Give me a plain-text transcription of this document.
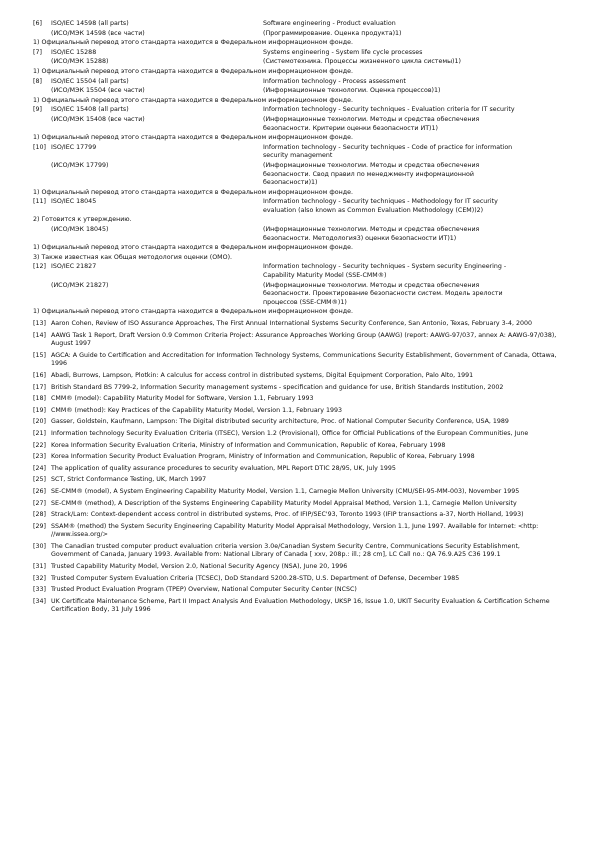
[6]	ISO/IEC 14598 (all parts)	Software engineering - Product evaluation
(ИСО/МЭК 14598 (все части)	(Программирование. Оценка продукта)1)
1) Официальный перевод этого стандарта находится в Федеральном информационном фонде.
[7]	ISO/IEC 15288	Systems engineering - System life cycle processes
(ИСО/МЭК 15288)	(Системотехника. Процессы жизненного цикла системы)1)
1) Официальный перевод этого стандарта находится в Федеральном информационном фонде.
[8]	ISO/IEC 15504 (all parts)	Information technology - Process assessment
(ИСО/МЭК 15504 (все части)	(Информационные технологии. Оценка процессов)1)
1) Официальный перевод этого стандарта находится в Федеральном информационном фонде.
[9]	ISO/IEC 15408 (all parts)	Information technology - Security techniques - Evaluation criteria for IT security
(ИСО/МЭК 15408 (все части)	(Информационные технологии. Методы и средства обеспечения безопасности. Критерии оценки безопасности ИТ)1)
1) Официальный перевод этого стандарта находится в Федеральном информационном фонде.
[10] ISO/IEC 17799	Information technology - Security techniques - Code of practice for information security management
(ИСО/МЭК 17799)	(Информационные технологии. Методы и средства обеспечения безопасности. Свод правил по менеджменту информационной безопасности)1)
1) Официальный перевод этого стандарта находится в Федеральном информационном фонде.
[11] ISO/IEC 18045	Information technology - Security techniques - Methodology for IT security evaluation (also known as Common Evaluation Methodology (CEM))2)
2) Готовится к утверждению.
(ИСО/МЭК 18045)	(Информационные технологии. Методы и средства обеспечения безопасности. Методология3) оценки безопасности ИТ)1)
1) Официальный перевод этого стандарта находится в Федеральном информационном фонде.
3) Также известная как Общая методология оценки (ОМО).
[12] ISO/IEC 21827	Information technology - Security techniques - System security Engineering - Capability Maturity Model (SSE-CMM®)
(ИСО/МЭК 21827)	(Информационные технологии. Методы и средства обеспечения безопасности. Проектирование безопасности систем. Модель зрелости процессов (SSE-CMM®)1)
1) Официальный перевод этого стандарта находится в Федеральном информационном фонде.
[13] Aaron Cohen, Review of ISO Assurance Approaches, The First Annual International Systems Security Conference, San Antonio, Texas, February 3-4, 2000
[14] AAWG Task 1 Report, Draft Version 0.9 Common Criteria Project: Assurance Approaches Working Group (AAWG) (report: AAWG-97/037, annex A: AAWG-97/038), August 1997
[15] AGCA: A Guide to Certification and Accreditation for Information Technology Systems, Communications Security Establishment, Government of Canada, Ottawa, 1996
[16] Abadi, Burrows, Lampson, Plotkin: A calculus for access control in distributed systems, Digital Equipment Corporation, Palo Alto, 1991
[17] British Standard BS 7799-2, Information Security management systems - specification and guidance for use, British Standards Institution, 2002
[18] CMM® (model): Capability Maturity Model for Software, Version 1.1, February 1993
[19] CMM® (method): Key Practices of the Capability Maturity Model, Version 1.1, February 1993
[20] Gasser, Goldstein, Kaufmann, Lampson: The Digital distributed security architecture, Proc. of National Computer Security Conference, USA, 1989
[21] Information technology Security Evaluation Criteria (ITSEC), Version 1.2 (Provisional), Office for Official Publications of the European Communities, June
[22] Korea Information Security Evaluation Criteria, Ministry of Information and Communication, Republic of Korea, February 1998
[23] Korea Information Security Product Evaluation Program, Ministry of Information and Communication, Republic of Korea, February 1998
[24] The application of quality assurance procedures to security evaluation, MPL Report DTIC 28/95, UK, July 1995
[25] SCT, Strict Conformance Testing, UK, March 1997
[26] SE-CMM® (model), A System Engineering Capability Maturity Model, Version 1.1, Carnegie Mellon University (CMU/SEI-95-MM-003), November 1995
[27] SE-CMM® (method), A Description of the Systems Engineering Capability Maturity Model Appraisal Method, Version 1.1, Carnegie Mellon University
[28] Strack/Lam: Context-dependent access control in distributed systems, Proc. of IFIP/SEC'93, Toronto 1993 (IFIP transactions a-37, North Holland, 1993)
[29] SSAM® (method) the System Security Engineering Capability Maturity Model Appraisal Methodology, Version 1.1, June 1997. Available for Internet: <http: //www.issea.org/>
[30] The Canadian trusted computer product evaluation criteria version 3.0e/Canadian System Security Centre, Communications Security Establishment, Government of Canada, January 1993. Available from: National Library of Canada [ xxv, 208p.: ill.; 28 cm], LC Call no.: QA 76.9.A25 C36 199.1
[31] Trusted Capability Maturity Model, Version 2.0, National Security Agency (NSA), June 20, 1996
[32] Trusted Computer System Evaluation Criteria (TCSEC), DoD Standard 5200.28-STD, U.S. Department of Defense, December 1985
[33] Trusted Product Evaluation Program (TPEP) Overview, National Computer Security Center (NCSC)
[34] UK Certificate Maintenance Scheme, Part II Impact Analysis And Evaluation Methodology, UKSP 16, Issue 1.0, UKIT Security Evaluation & Certification Scheme Certification Body, 31 July 1996
